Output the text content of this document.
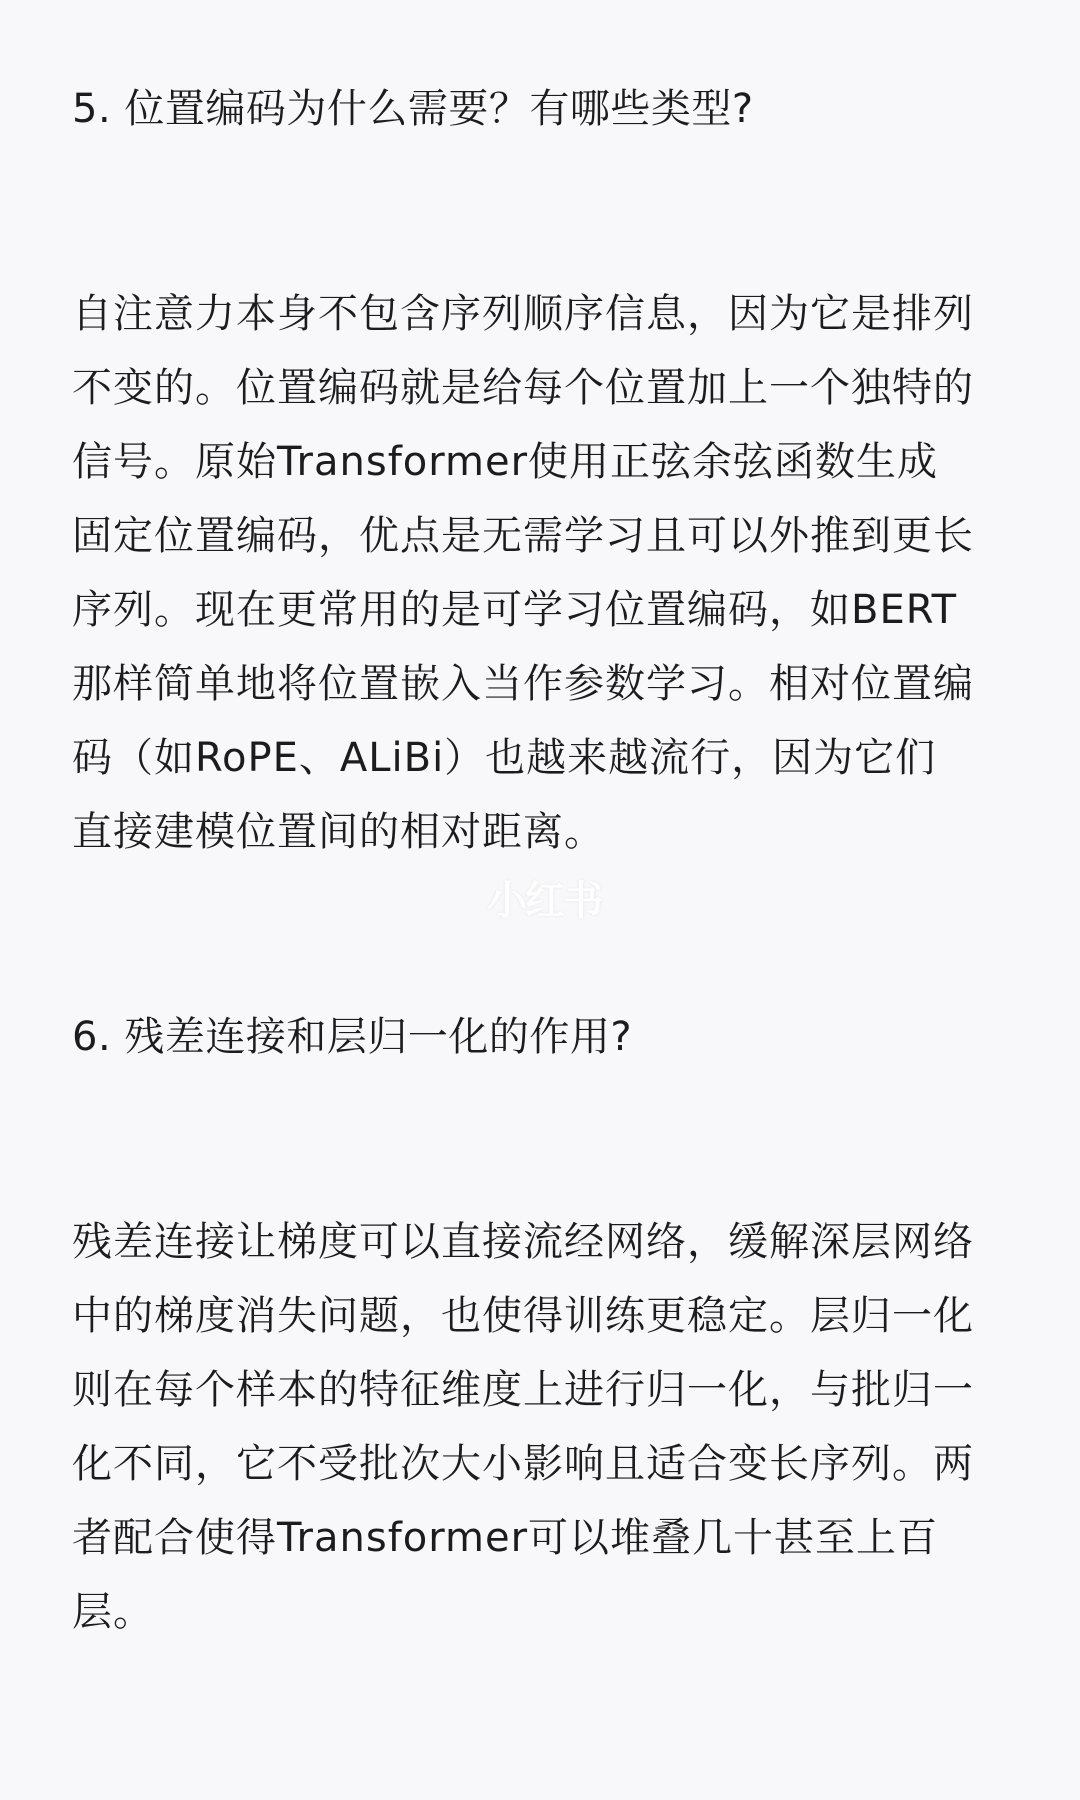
5. 位置编码为什么需要？有哪些类型?

自注意力本身不包含序列顺序信息，因为它是排列
不变的。位置编码就是给每个位置加上一个独特的
信号。原始Transformer使用正弦余弦函数生成
固定位置编码，优点是无需学习且可以外推到更长
序列。现在更常用的是可学习位置编码，如BERT
那样简单地将位置嵌入当作参数学习。相对位置编
码（如RoPE、ALiBi）也越来越流行，因为它们
直接建模位置间的相对距离。

小红书
6. 残差连接和层归一化的作用?

残差连接让梯度可以直接流经网络，缓解深层网络
中的梯度消失问题，也使得训练更稳定。层归一化
则在每个样本的特征维度上进行归一化，与批归一
化不同，它不受批次大小影响且适合变长序列。两
者配合使得Transformer可以堆叠几十甚至上百
层。
